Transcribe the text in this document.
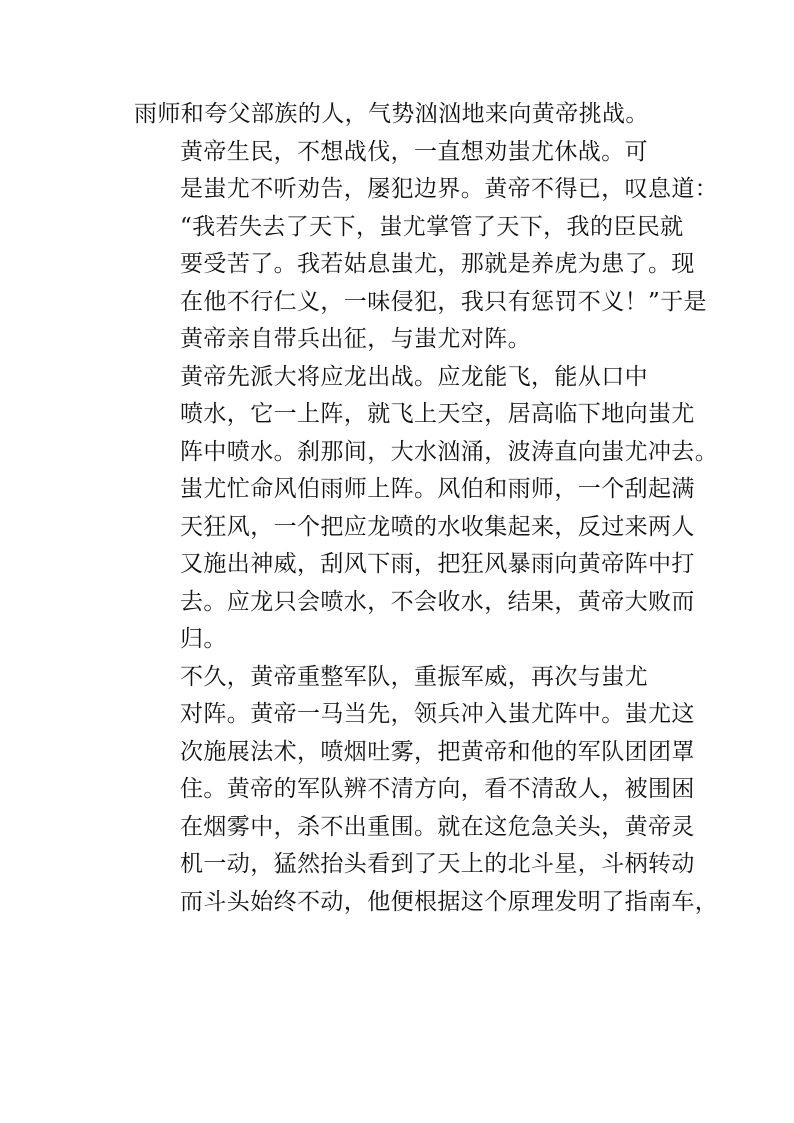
雨师和夸父部族的人，气势汹汹地来向黄帝挑战。

黄帝生民，不想战伐，一直想劝蚩尤休战。可
是蚩尤不听劝告，屡犯边界。黄帝不得已，叹息道：
“我若失去了天下，蚩尤掌管了天下，我的臣民就
要受苦了。我若姑息蚩尤，那就是养虎为患了。现
在他不行仁义，一味侵犯，我只有惩罚不义！”于是
黄帝亲自带兵出征，与蚩尤对阵。

黄帝先派大将应龙出战。应龙能飞，能从口中
喷水，它一上阵，就飞上天空，居高临下地向蚩尤
阵中喷水。刹那间，大水汹涌，波涛直向蚩尤冲去。
蚩尤忙命风伯雨师上阵。风伯和雨师，一个刮起满
天狂风，一个把应龙喷的水收集起来，反过来两人
又施出神威，刮风下雨，把狂风暴雨向黄帝阵中打
去。应龙只会喷水，不会收水，结果，黄帝大败而
归。

不久，黄帝重整军队，重振军威，再次与蚩尤
对阵。黄帝一马当先，领兵冲入蚩尤阵中。蚩尤这
次施展法术，喷烟吐雾，把黄帝和他的军队团团罩
住。黄帝的军队辨不清方向，看不清敌人，被围困
在烟雾中，杀不出重围。就在这危急关头，黄帝灵
机一动，猛然抬头看到了天上的北斗星，斗柄转动
而斗头始终不动，他便根据这个原理发明了指南车，
